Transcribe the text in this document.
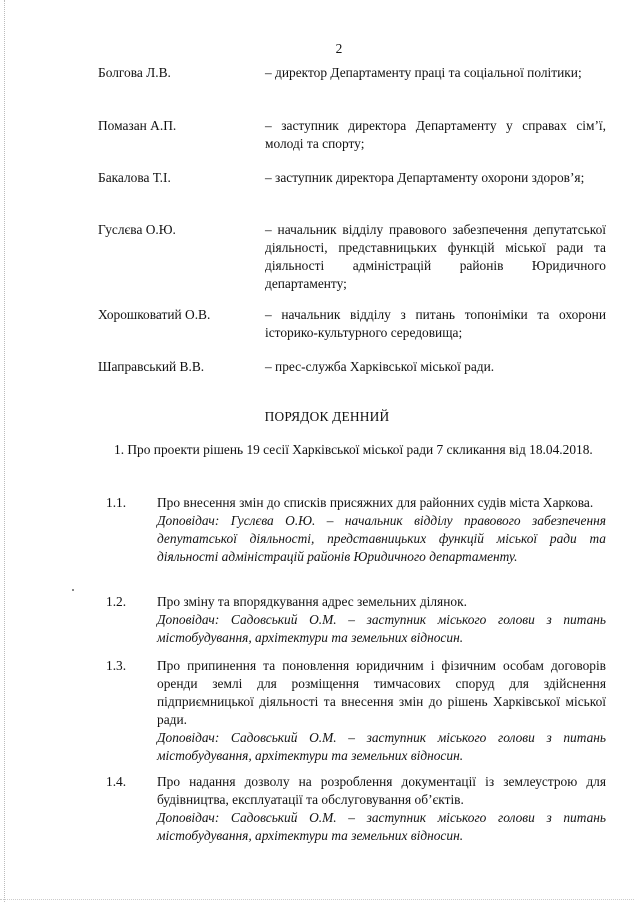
2
Болгова Л.В.	– директор Департаменту праці та соціальної політики;
Помазан А.П.	– заступник директора Департаменту у справах сім’ї, молоді та спорту;
Бакалова Т.І.	– заступник директора Департаменту охорони здоров’я;
Гуслєва О.Ю.	– начальник відділу правового забезпечення депутатської діяльності, представницьких функцій міської ради та діяльності адміністрацій районів Юридичного департаменту;
Хорошковатий О.В.	– начальник відділу з питань топоніміки та охорони історико-культурного середовища;
Шаправський В.В.	– прес-служба Харківської міської ради.
ПОРЯДОК ДЕННИЙ
1. Про проекти рішень 19 сесії Харківської міської ради 7 скликання від 18.04.2018.
1.1.	Про внесення змін до списків присяжних для районних судів міста Харкова.
Доповідач: Гуслєва О.Ю. – начальник відділу правового забезпечення депутатської діяльності, представницьких функцій міської ради та діяльності адміністрацій районів Юридичного департаменту.
1.2.	Про зміну та впорядкування адрес земельних ділянок.
Доповідач: Садовський О.М. – заступник міського голови з питань містобудування, архітектури та земельних відносин.
1.3.	Про припинення та поновлення юридичним і фізичним особам договорів оренди землі для розміщення тимчасових споруд для здійснення підприємницької діяльності та внесення змін до рішень Харківської міської ради.
Доповідач: Садовський О.М. – заступник міського голови з питань містобудування, архітектури та земельних відносин.
1.4.	Про надання дозволу на розроблення документації із землеустрою для будівництва, експлуатації та обслуговування об’єктів.
Доповідач: Садовський О.М. – заступник міського голови з питань містобудування, архітектури та земельних відносин.
